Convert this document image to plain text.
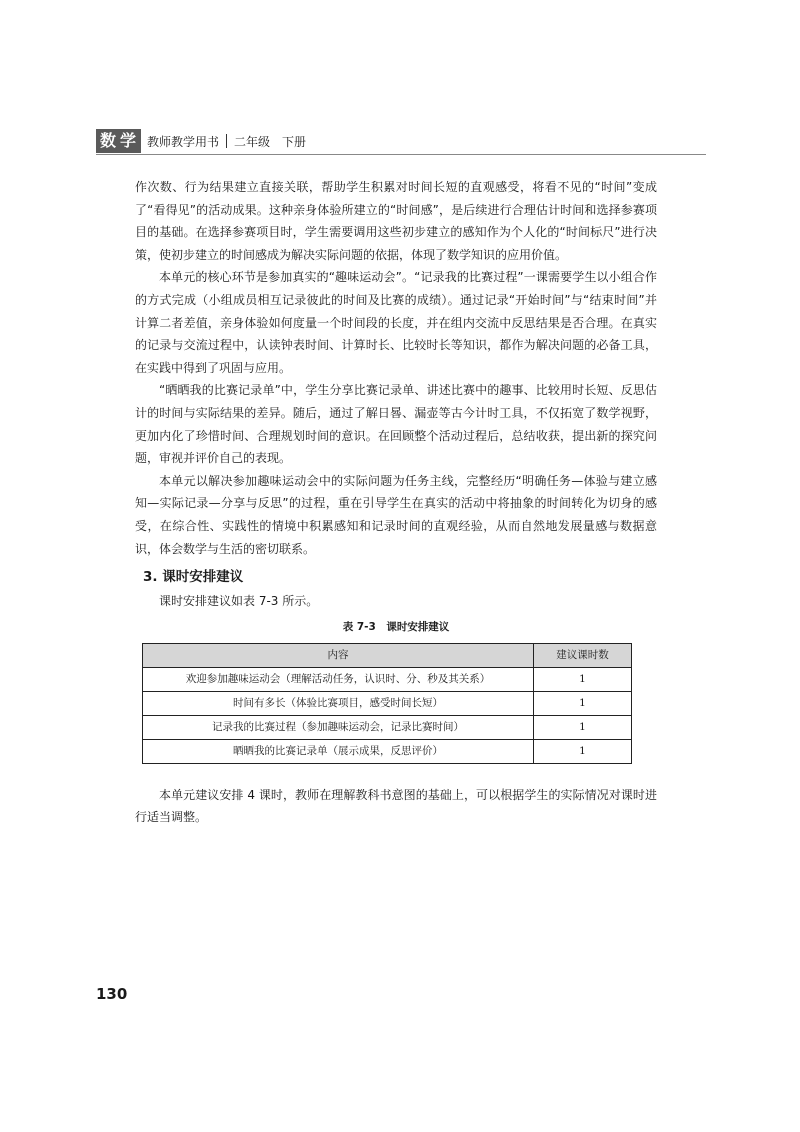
数 学 教师教学用书 二年级　下册

作次数、行为结果建立直接关联，帮助学生积累对时间长短的直观感受，将看不见的“时间”变成了“看得见”的活动成果。这种亲身体验所建立的“时间感”，是后续进行合理估计时间和选择参赛项目的基础。在选择参赛项目时，学生需要调用这些初步建立的感知作为个人化的“时间标尺”进行决策，使初步建立的时间感成为解决实际问题的依据，体现了数学知识的应用价值。

本单元的核心环节是参加真实的“趣味运动会”。“记录我的比赛过程”一课需要学生以小组合作的方式完成（小组成员相互记录彼此的时间及比赛的成绩）。通过记录“开始时间”与“结束时间”并计算二者差值，亲身体验如何度量一个时间段的长度，并在组内交流中反思结果是否合理。在真实的记录与交流过程中，认读钟表时间、计算时长、比较时长等知识，都作为解决问题的必备工具，在实践中得到了巩固与应用。

“晒晒我的比赛记录单”中，学生分享比赛记录单、讲述比赛中的趣事、比较用时长短、反思估计的时间与实际结果的差异。随后，通过了解日晷、漏壶等古今计时工具，不仅拓宽了数学视野，更加内化了珍惜时间、合理规划时间的意识。在回顾整个活动过程后，总结收获，提出新的探究问题，审视并评价自己的表现。

本单元以解决参加趣味运动会中的实际问题为任务主线，完整经历“明确任务—体验与建立感知—实际记录—分享与反思”的过程，重在引导学生在真实的活动中将抽象的时间转化为切身的感受，在综合性、实践性的情境中积累感知和记录时间的直观经验，从而自然地发展量感与数据意识，体会数学与生活的密切联系。

3. 课时安排建议

课时安排建议如表 7-3 所示。

表 7-3　课时安排建议
内容	建议课时数
欢迎参加趣味运动会（理解活动任务，认识时、分、秒及其关系）	1
时间有多长（体验比赛项目，感受时间长短）	1
记录我的比赛过程（参加趣味运动会，记录比赛时间）	1
晒晒我的比赛记录单（展示成果，反思评价）	1

本单元建议安排 4 课时，教师在理解教科书意图的基础上，可以根据学生的实际情况对课时进行适当调整。

130
